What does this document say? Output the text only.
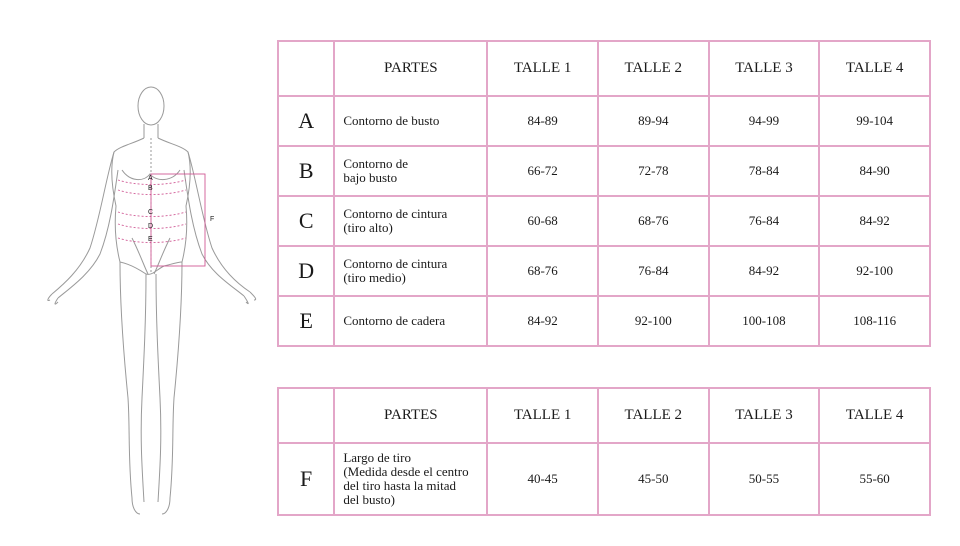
A
B
C
D
E
F
	PARTES	TALLE 1	TALLE 2	TALLE 3	TALLE 4
A	Contorno de busto	84-89	89-94	94-99	99-104
B	Contorno de
bajo busto	66-72	72-78	78-84	84-90
C	Contorno de cintura
(tiro alto)	60-68	68-76	76-84	84-92
D	Contorno de cintura
(tiro medio)	68-76	76-84	84-92	92-100
E	Contorno de cadera	84-92	92-100	100-108	108-116
	PARTES	TALLE 1	TALLE 2	TALLE 3	TALLE 4
F	Largo de tiro
(Medida desde el centro
del tiro hasta la mitad
del busto)	40-45	45-50	50-55	55-60
